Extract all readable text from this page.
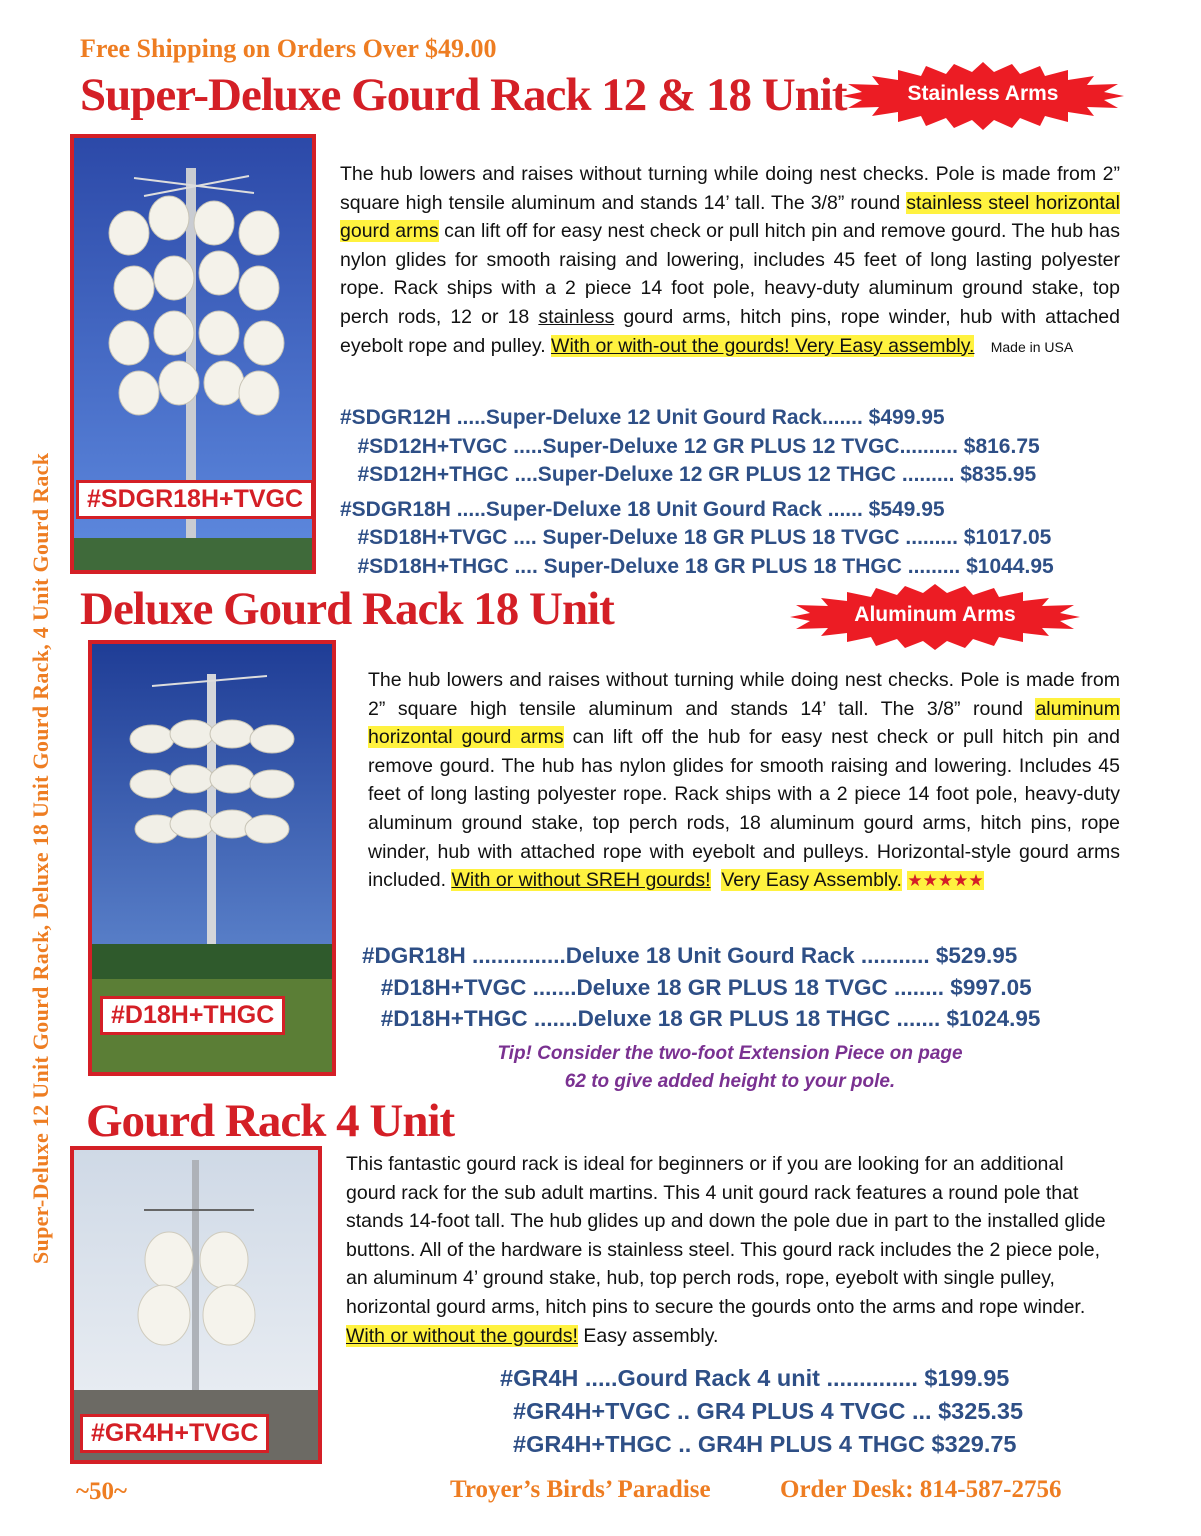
Free Shipping on Orders Over $49.00
Super-Deluxe Gourd Rack 12 & 18 Unit	Stainless Arms
Super-Deluxe 12 Unit Gourd Rack, Deluxe 18 Unit Gourd Rack, 4 Unit Gourd Rack	#SDGR18H+TVGC
The hub lowers and raises without turning while doing nest checks. Pole is made from 2” square high tensile aluminum and stands 14’ tall. The 3/8” round stainless steel horizontal gourd arms can lift off for easy nest check or pull hitch pin and remove gourd. The hub has nylon glides for smooth raising and lowering, includes 45 feet of long lasting polyester rope. Rack ships with a 2 piece 14 foot pole, heavy-duty aluminum ground stake, top perch rods, 12 or 18 stainless gourd arms, hitch pins, rope winder, hub with attached eyebolt rope and pulley. With or with-out the gourds! Very Easy assembly. Made in USA
#SDGR12H .....Super-Deluxe 12 Unit Gourd Rack....... $499.95
#SD12H+TVGC .....Super-Deluxe 12 GR PLUS 12 TVGC.......... $816.75
#SD12H+THGC ....Super-Deluxe 12 GR PLUS 12 THGC ......... $835.95
#SDGR18H .....Super-Deluxe 18 Unit Gourd Rack ...... $549.95
#SD18H+TVGC .... Super-Deluxe 18 GR PLUS 18 TVGC ......... $1017.05
#SD18H+THGC .... Super-Deluxe 18 GR PLUS 18 THGC ......... $1044.95
Deluxe Gourd Rack 18 Unit	Aluminum Arms
#D18H+THGC
The hub lowers and raises without turning while doing nest checks. Pole is made from 2” square high tensile aluminum and stands 14’ tall. The 3/8” round aluminum horizontal gourd arms can lift off the hub for easy nest check or pull hitch pin and remove gourd. The hub has nylon glides for smooth raising and lowering. Includes 45 feet of long lasting polyester rope. Rack ships with a 2 piece 14 foot pole, heavy-duty aluminum ground stake, top perch rods, 18 aluminum gourd arms, hitch pins, rope winder, hub with attached rope with eyebolt and pulleys. Horizontal-style gourd arms included. With or without SREH gourds! Very Easy Assembly. ★★★★★
#DGR18H ...............Deluxe 18 Unit Gourd Rack ........... $529.95
#D18H+TVGC .......Deluxe 18 GR PLUS 18 TVGC ........ $997.05
#D18H+THGC .......Deluxe 18 GR PLUS 18 THGC ....... $1024.95
Tip! Consider the two-foot Extension Piece on page
62 to give added height to your pole.
Gourd Rack 4 Unit
#GR4H+TVGC
This fantastic gourd rack is ideal for beginners or if you are looking for an additional gourd rack for the sub adult martins. This 4 unit gourd rack features a round pole that stands 14-foot tall. The hub glides up and down the pole due in part to the installed glide buttons. All of the hardware is stainless steel. This gourd rack includes the 2 piece pole, an aluminum 4’ ground stake, hub, top perch rods, rope, eyebolt with single pulley, horizontal gourd arms, hitch pins to secure the gourds onto the arms and rope winder. With or without the gourds! Easy assembly.
#GR4H .....Gourd Rack 4 unit .............. $199.95
#GR4H+TVGC .. GR4 PLUS 4 TVGC ... $325.35
#GR4H+THGC .. GR4H PLUS 4 THGC $329.75
~50~	Troyer’s Birds’ Paradise	Order Desk: 814-587-2756
